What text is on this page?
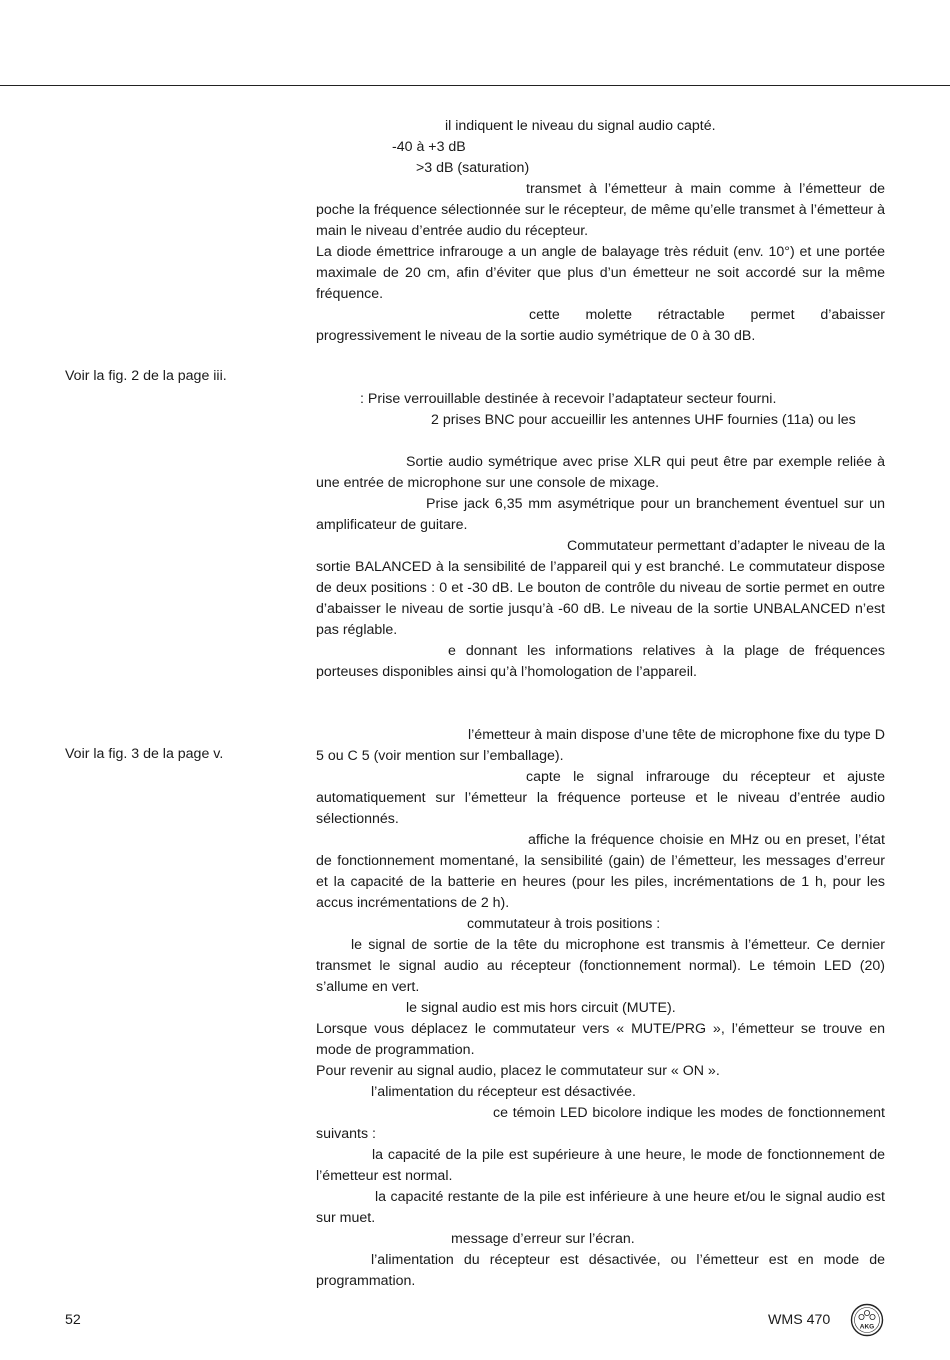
Voir la fig. 2 de la page iii.
Voir la fig. 3 de la page v.

il indiquent le niveau du signal audio capté.

-40 à +3 dB

>3 dB (saturation)

transmet à l’émetteur à main comme à l’émetteur de poche la fréquence sélectionnée sur le récepteur, de même qu’elle transmet à l’émetteur à main le niveau d’entrée audio du récepteur.

La diode émettrice infrarouge a un angle de balayage très réduit (env. 10°) et une portée maximale de 20 cm, afin d’éviter que plus d’un émetteur ne soit accordé sur la même fréquence.

cette molette rétractable permet d’abaisser progressivement le niveau de la sortie audio symétrique de 0 à 30 dB.

: Prise verrouillable destinée à recevoir l’adaptateur secteur fourni.

2 prises BNC pour accueillir les antennes UHF fournies (11a) ou les

Sortie audio symétrique avec prise XLR qui peut être par exemple reliée à une entrée de microphone sur une console de mixage.

Prise jack 6,35 mm asymétrique pour un branchement éventuel sur un amplificateur de guitare.

Commutateur permettant d’adapter le niveau de la sortie BALANCED à la sensibilité de l’appareil qui y est branché. Le commutateur dispose de deux positions : 0 et -30 dB. Le bouton de contrôle du niveau de sortie permet en outre d’abaisser le niveau de sortie jusqu’à -60 dB. Le niveau de la sortie UNBALANCED n’est pas réglable.

e donnant les informations relatives à la plage de fréquences porteuses disponibles ainsi qu’à l’homologation de l’appareil.

l’émetteur à main dispose d’une tête de microphone fixe du type D 5 ou C 5 (voir mention sur l’emballage).

capte le signal infrarouge du récepteur et ajuste automatiquement sur l’émetteur la fréquence porteuse et le niveau d’entrée audio sélectionnés.

affiche la fréquence choisie en MHz ou en preset, l’état de fonctionnement momentané, la sensibilité (gain) de l’émetteur, les messages d’erreur et la capacité de la batterie en heures (pour les piles, incrémentations de 1 h, pour les accus incrémentations de 2 h).

commutateur à trois positions :

le signal de sortie de la tête du microphone est transmis à l’émetteur. Ce dernier transmet le signal audio au récepteur (fonctionnement normal). Le témoin LED (20) s’allume en vert.

le signal audio est mis hors circuit (MUTE).

Lorsque vous déplacez le commutateur vers « MUTE/PRG », l’émetteur se trouve en mode de programmation.

Pour revenir au signal audio, placez le commutateur sur « ON ».

l’alimentation du récepteur est désactivée.

ce témoin LED bicolore indique les modes de fonctionnement suivants :

la capacité de la pile est supérieure à une heure, le mode de fonctionnement de l’émetteur est normal.

la capacité restante de la pile est inférieure à une heure et/ou le signal audio est sur muet.

message d’erreur sur l’écran.

l’alimentation du récepteur est désactivée, ou l’émetteur est en mode de programmation.

52	WMS 470	AKG
